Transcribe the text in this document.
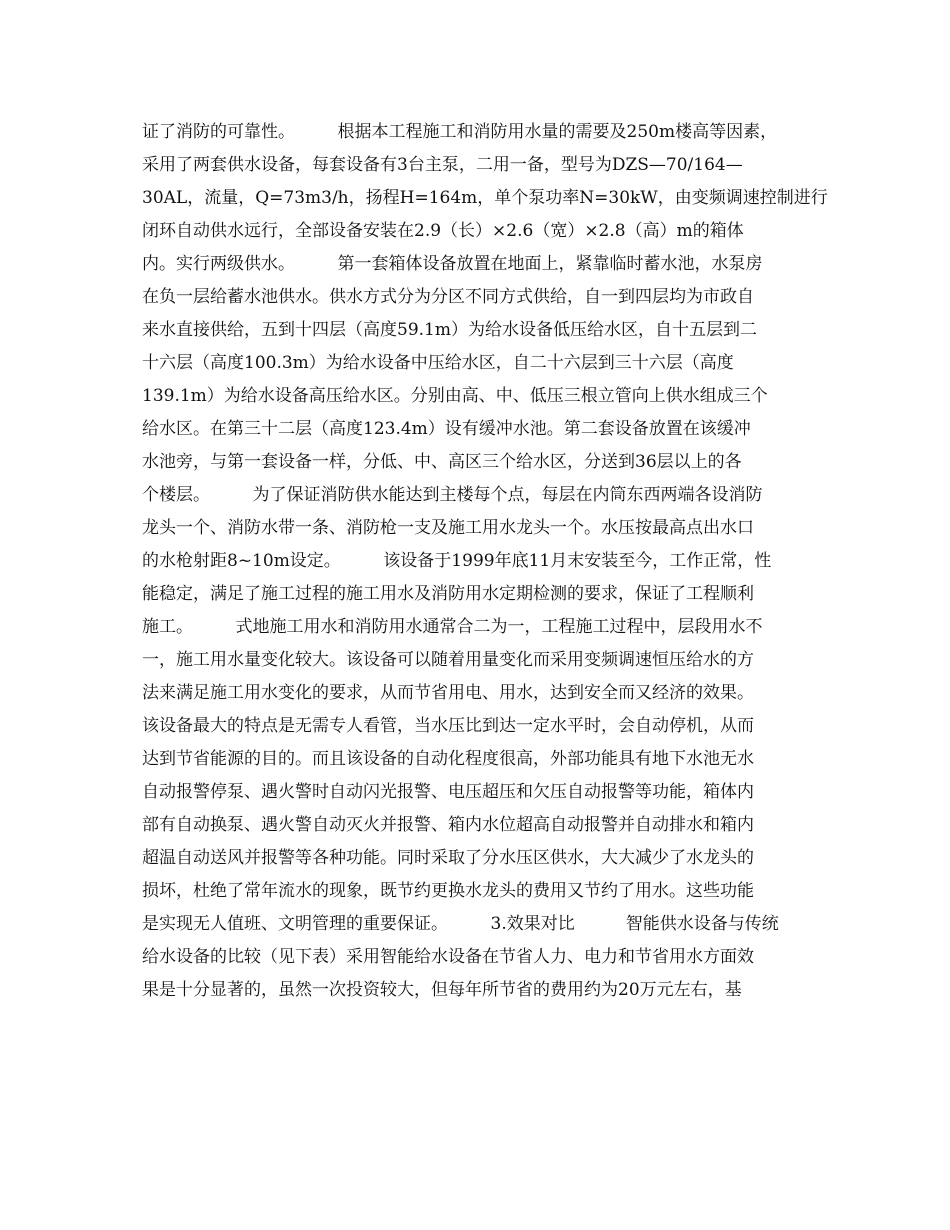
证了消防的可靠性。　　　根据本工程施工和消防用水量的需要及250m楼高等因素，
采用了两套供水设备，每套设备有3台主泵，二用一备，型号为DZS—70/164—
30AL，流量，Q=73m3/h，扬程H=164m，单个泵功率N=30kW，由变频调速控制进行
闭环自动供水远行，全部设备安装在2.9（长）×2.6（宽）×2.8（高）m的箱体
内。实行两级供水。　　　第一套箱体设备放置在地面上，紧靠临时蓄水池，水泵房
在负一层给蓄水池供水。供水方式分为分区不同方式供给，自一到四层均为市政自
来水直接供给，五到十四层（高度59.1m）为给水设备低压给水区，自十五层到二
十六层（高度100.3m）为给水设备中压给水区，自二十六层到三十六层（高度
139.1m）为给水设备高压给水区。分别由高、中、低压三根立管向上供水组成三个
给水区。在第三十二层（高度123.4m）设有缓冲水池。第二套设备放置在该缓冲
水池旁，与第一套设备一样，分低、中、高区三个给水区，分送到36层以上的各
个楼层。　　　为了保证消防供水能达到主楼每个点，每层在内筒东西两端各设消防
龙头一个、消防水带一条、消防枪一支及施工用水龙头一个。水压按最高点出水口
的水枪射距8~10m设定。　　　该设备于1999年底11月末安装至今，工作正常，性
能稳定，满足了施工过程的施工用水及消防用水定期检测的要求，保证了工程顺利
施工。　　　式地施工用水和消防用水通常合二为一，工程施工过程中，层段用水不
一，施工用水量变化较大。该设备可以随着用量变化而采用变频调速恒压给水的方
法来满足施工用水变化的要求，从而节省用电、用水，达到安全而又经济的效果。
该设备最大的特点是无需专人看管，当水压比到达一定水平时，会自动停机，从而
达到节省能源的目的。而且该设备的自动化程度很高，外部功能具有地下水池无水
自动报警停泵、遇火警时自动闪光报警、电压超压和欠压自动报警等功能，箱体内
部有自动换泵、遇火警自动灭火并报警、箱内水位超高自动报警并自动排水和箱内
超温自动送风并报警等各种功能。同时采取了分水压区供水，大大减少了水龙头的
损坏，杜绝了常年流水的现象，既节约更换水龙头的费用又节约了用水。这些功能
是实现无人值班、文明管理的重要保证。　　　3.效果对比　　　智能供水设备与传统
给水设备的比较（见下表）采用智能给水设备在节省人力、电力和节省用水方面效
果是十分显著的，虽然一次投资较大，但每年所节省的费用约为20万元左右，基
